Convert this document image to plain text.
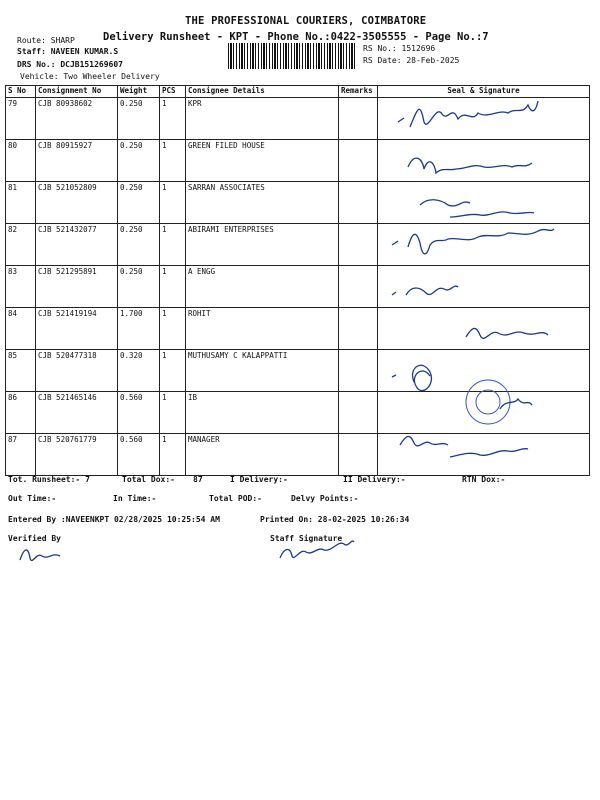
THE PROFESSIONAL COURIERS, COIMBATORE
Delivery Runsheet - KPT - Phone No.:0422-3505555 - Page No.:7
Route: SHARP
Staff: NAVEEN KUMAR.S
DRS No.: DCJB151269607
Vehicle: Two Wheeler Delivery
RS No.: 1512696
RS Date: 28-Feb-2025
S No	Consignment No	Weight	PCS	Consignee Details	Remarks	Seal & Signature
79	CJB 80938602	0.250	1	KPR		
80	CJB 80915927	0.250	1	GREEN FILED HOUSE		
81	CJB 521052809	0.250	1	SARRAN ASSOCIATES		
82	CJB 521432077	0.250	1	ABIRAMI ENTERPRISES		
83	CJB 521295891	0.250	1	A ENGG		
84	CJB 521419194	1.700	1	ROHIT		
85	CJB 520477318	0.320	1	MUTHUSAMY C KALAPPATTI		
86	CJB 521465146	0.560	1	IB		
87	CJB 520761779	0.560	1	MANAGER		
Tot. Runsheet:- 7	Total Dox:- 87	I Delivery:-	II Delivery:-	RTN Dox:-
Out Time:-	In Time:-	Total POD:-	Delvy Points:-
Entered By :NAVEENKPT 02/28/2025 10:25:54 AM	Printed On: 28-02-2025 10:26:34
Verified By	Staff Signature
